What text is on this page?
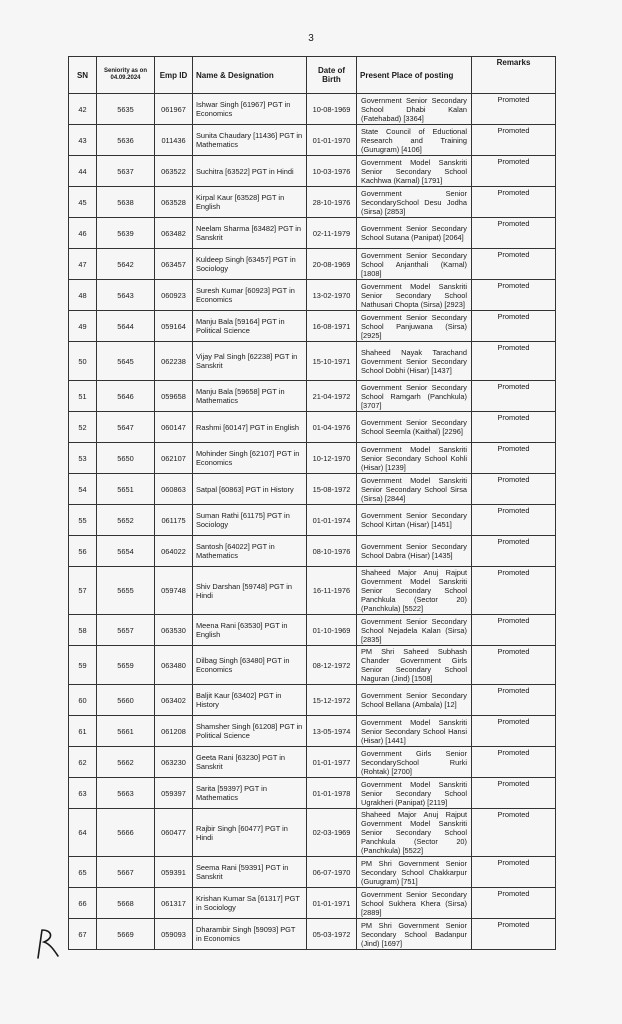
3
SN	Seniority as on 04.09.2024	Emp ID	Name & Designation	Date of Birth	Present Place of posting	Remarks
42	5635	061967	Ishwar Singh [61967] PGT in Economics	10-08-1969	Government Senior Secondary School Dhabi Kalan (Fatehabad) [3364]	Promoted
43	5636	011436	Sunita Chaudary [11436] PGT in Mathematics	01-01-1970	State Council of Eductional Research and Training (Gurugram) [4106]	Promoted
44	5637	063522	Suchitra [63522] PGT in Hindi	10-03-1976	Government Model Sanskriti Senior Secondary School Kachhwa (Karnal) [1791]	Promoted
45	5638	063528	Kirpal Kaur [63528] PGT in English	28-10-1976	Government Senior SecondarySchool Desu Jodha (Sirsa) [2853]	Promoted
46	5639	063482	Neelam Sharma [63482] PGT in Sanskrit	02-11-1979	Government Senior Secondary School Sutana (Panipat) [2064]	Promoted
47	5642	063457	Kuldeep Singh [63457] PGT in Sociology	20-08-1969	Government Senior Secondary School Anjanthali (Karnal) [1808]	Promoted
48	5643	060923	Suresh Kumar [60923] PGT in Economics	13-02-1970	Government Model Sanskriti Senior Secondary School Nathusari Chopta (Sirsa) [2923]	Promoted
49	5644	059164	Manju Bala [59164] PGT in Political Science	16-08-1971	Government Senior Secondary School Panjuwana (Sirsa) [2925]	Promoted
50	5645	062238	Vijay Pal Singh [62238] PGT in Sanskrit	15-10-1971	Shaheed Nayak Tarachand Government Senior Secondary School Dobhi (Hisar) [1437]	Promoted
51	5646	059658	Manju Bala [59658] PGT in Mathematics	21-04-1972	Government Senior Secondary School Ramgarh (Panchkula) [3707]	Promoted
52	5647	060147	Rashmi [60147] PGT in English	01-04-1976	Government Senior Secondary School Seemla (Kaithal) [2296]	Promoted
53	5650	062107	Mohinder Singh [62107] PGT in Economics	10-12-1970	Government Model Sanskriti Senior Secondary School Kohli (Hisar) [1239]	Promoted
54	5651	060863	Satpal [60863] PGT in History	15-08-1972	Government Model Sanskriti Senior Secondary School Sirsa (Sirsa) [2844]	Promoted
55	5652	061175	Suman Rathi [61175] PGT in Sociology	01-01-1974	Government Senior Secondary School Kirtan (Hisar) [1451]	Promoted
56	5654	064022	Santosh [64022] PGT in Mathematics	08-10-1976	Government Senior Secondary School Dabra (Hisar) [1435]	Promoted
57	5655	059748	Shiv Darshan [59748] PGT in Hindi	16-11-1976	Shaheed Major Anuj Rajput Government Model Sanskriti Senior Secondary School Panchkula (Sector 20) (Panchkula) [5522]	Promoted
58	5657	063530	Meena Rani [63530] PGT in English	01-10-1969	Government Senior Secondary School Nejadela Kalan (Sirsa) [2835]	Promoted
59	5659	063480	Dilbag Singh [63480] PGT in Economics	08-12-1972	PM Shri Saheed Subhash Chander Government Girls Senior Secondary School Naguran (Jind) [1508]	Promoted
60	5660	063402	Baljit Kaur [63402] PGT in History	15-12-1972	Government Senior Secondary School Bellana (Ambala) [12]	Promoted
61	5661	061208	Shamsher Singh [61208] PGT in Political Science	13-05-1974	Government Model Sanskriti Senior Secondary School Hansi (Hisar) [1441]	Promoted
62	5662	063230	Geeta Rani [63230] PGT in Sanskrit	01-01-1977	Government Girls Senior SecondarySchool Rurki (Rohtak) [2700]	Promoted
63	5663	059397	Sarita [59397] PGT in Mathematics	01-01-1978	Government Model Sanskriti Senior Secondary School Ugrakheri (Panipat) [2119]	Promoted
64	5666	060477	Rajbir Singh [60477] PGT in Hindi	02-03-1969	Shaheed Major Anuj Rajput Government Model Sanskriti Senior Secondary School Panchkula (Sector 20) (Panchkula) [5522]	Promoted
65	5667	059391	Seema Rani [59391] PGT in Sanskrit	06-07-1970	PM Shri Government Senior Secondary School Chakkarpur (Gurugram) [751]	Promoted
66	5668	061317	Krishan Kumar Sa [61317] PGT in Sociology	01-01-1971	Government Senior Secondary School Sukhera Khera (Sirsa) [2889]	Promoted
67	5669	059093	Dharambir Singh [59093] PGT in Economics	05-03-1972	PM Shri Government Senior Secondary School Badanpur (Jind) [1697]	Promoted
